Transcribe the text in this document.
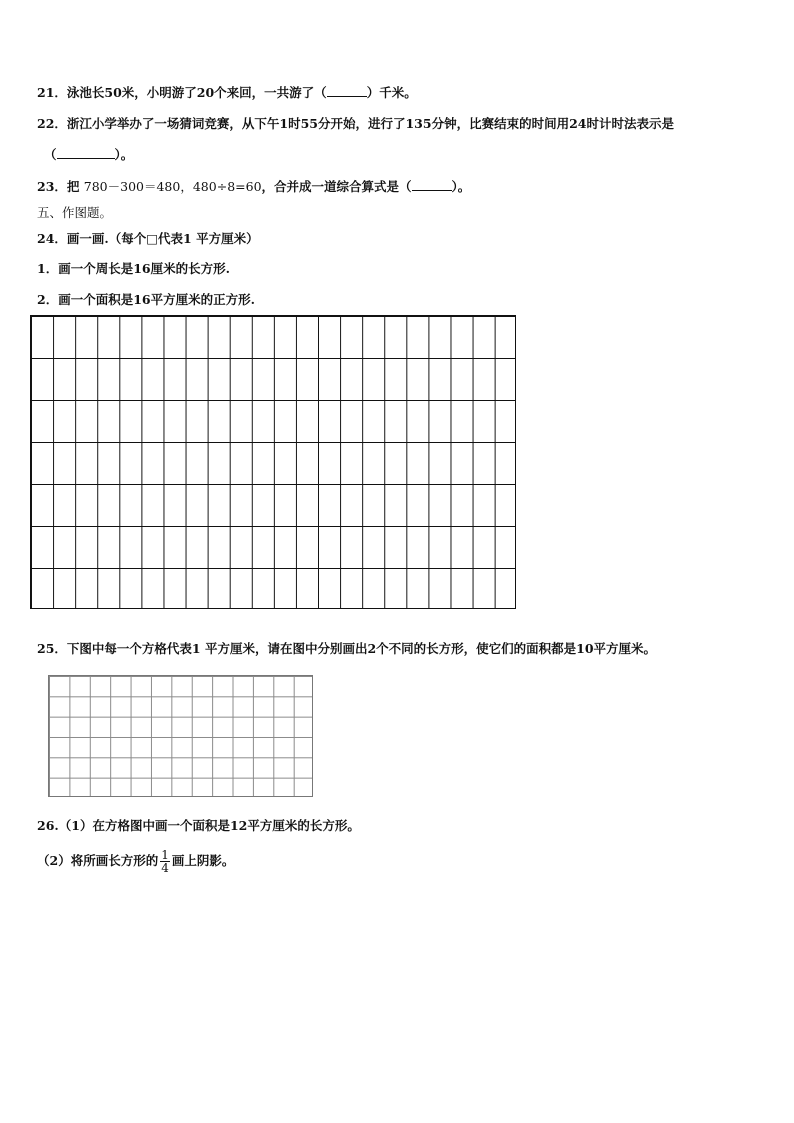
21．泳池长50米，小明游了20个来回，一共游了（	）千米。
22．浙江小学举办了一场猜词竞赛，从下午1时55分开始，进行了135分钟，比赛结束的时间用24时计时法表示是
（	）。
23．把 780－300＝480，480÷8=60，合并成一道综合算式是（	）。
五、作图题。
24．画一画.（每个□代表1 平方厘米）
1．画一个周长是16厘米的长方形.
2．画一个面积是16平方厘米的正方形.
25．下图中每一个方格代表1 平方厘米，请在图中分别画出2个不同的长方形，使它们的面积都是10平方厘米。
26.（1）在方格图中画一个面积是12平方厘米的长方形。
（2）将所画长方形的 $\frac{1}{4}$ 画上阴影。
